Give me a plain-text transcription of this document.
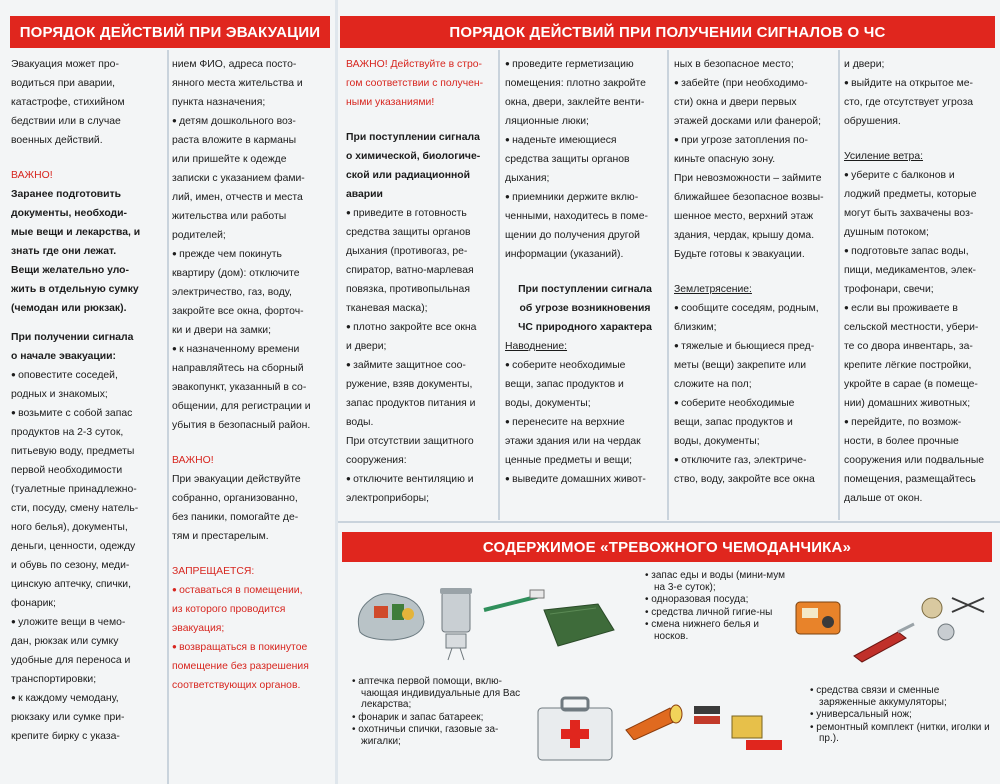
ПОРЯДОК ДЕЙСТВИЙ ПРИ ЭВАКУАЦИИ

Эвакуация может про-

водиться при аварии,

катастрофе, стихийном

бедствии или в случае

военных действий.

ВАЖНО!

Заранее подготовить

документы, необходи-

мые вещи и лекарства, и

знать где они лежат.

Вещи желательно уло-

жить в отдельную сумку

(чемодан или рюкзак).

При получении сигнала

о начале эвакуации:

● оповестите соседей,

родных и знакомых;

● возьмите с собой запас

продуктов на 2-3 суток,

питьевую воду, предметы

первой необходимости

(туалетные принадлежно-

сти, посуду, смену натель-

ного белья), документы,

деньги, ценности, одежду

и обувь по сезону, меди-

цинскую аптечку, спички,

фонарик;

● уложите вещи в чемо-

дан, рюкзак или сумку

удобные для переноса и

транспортировки;

● к каждому чемодану,

рюкзаку или сумке при-

крепите бирку с указа-

нием ФИО, адреса посто-

янного места жительства и

пункта назначения;

● детям дошкольного воз-

раста вложите в карманы

или пришейте к одежде

записки с указанием фами-

лий, имен, отчеств и места

жительства или работы

родителей;

● прежде чем покинуть

квартиру (дом): отключите

электричество, газ, воду,

закройте все окна, форточ-

ки и двери на замки;

● к назначенному времени

направляйтесь на сборный

эвакопункт, указанный в со-

общении, для регистрации и

убытия в безопасный район.

ВАЖНО!

При эвакуации действуйте

собранно, организованно,

без паники, помогайте де-

тям и престарелым.

ЗАПРЕЩАЕТСЯ:

● оставаться в помещении,

из которого проводится

эвакуация;

● возвращаться в покинутое

помещение без разрешения

соответствующих органов.

ПОРЯДОК ДЕЙСТВИЙ ПРИ ПОЛУЧЕНИИ СИГНАЛОВ О ЧС

ВАЖНО! Действуйте в стро-

гом соответствии с получен-

ными указаниями!

При поступлении сигнала

о химической, биологиче-

ской или радиационной

аварии

● приведите в готовность

средства защиты органов

дыхания (противогаз, ре-

спиратор, ватно-марлевая

повязка, противопыльная

тканевая маска);

● плотно закройте все окна

и двери;

● займите защитное соо-

ружение, взяв документы,

запас продуктов питания и

воды.

При отсутствии защитного

сооружения:

● отключите вентиляцию и

электроприборы;

● проведите герметизацию

помещения: плотно закройте

окна, двери, заклейте венти-

ляционные люки;

● наденьте имеющиеся

средства защиты органов

дыхания;

● приемники держите вклю-

ченными, находитесь в поме-

щении до получения другой

информации (указаний).

При поступлении сигнала

об угрозе возникновения

ЧС природного характера

Наводнение:

● соберите необходимые

вещи, запас продуктов и

воды, документы;

● перенесите на верхние

этажи здания или на чердак

ценные предметы и вещи;

● выведите домашних живот-

ных в безопасное место;

● забейте (при необходимо-

сти) окна и двери первых

этажей досками или фанерой;

● при угрозе затопления по-

киньте опасную зону.

При невозможности – займите

ближайшее безопасное возвы-

шенное место, верхний этаж

здания, чердак, крышу дома.

Будьте готовы к эвакуации.

Землетрясение:

● сообщите соседям, родным,

близким;

● тяжелые и бьющиеся пред-

меты (вещи) закрепите или

сложите на пол;

● соберите необходимые

вещи, запас продуктов и

воды, документы;

● отключите газ, электриче-

ство, воду, закройте все окна

и двери;

● выйдите на открытое ме-

сто, где отсутствует угроза

обрушения.

Усиление ветра:

● уберите с балконов и

лоджий предметы, которые

могут быть захвачены воз-

душным потоком;

● подготовьте запас воды,

пищи, медикаментов, элек-

трофонари, свечи;

● если вы проживаете в

сельской местности, убери-

те со двора инвентарь, за-

крепите лёгкие постройки,

укройте в сарае (в помеще-

нии) домашних животных;

● перейдите, по возмож-

ности, в более прочные

сооружения или подвальные

помещения, размещайтесь

дальше от окон.

СОДЕРЖИМОЕ «ТРЕВОЖНОГО ЧЕМОДАНЧИКА»

• запас еды и воды (мини-мум на 3-е суток);

• одноразовая посуда;

• средства личной гигие-ны

• смена нижнего белья и носков.

• аптечка первой помощи, вклю-чающая индивидуальные для Вас лекарства;

• фонарик и запас батареек;

• охотничьи спички, газовые за-жигалки;

• средства связи и сменные заряженные аккумуляторы;

• универсальный нож;

• ремонтный комплект (нитки, иголки и пр.).
